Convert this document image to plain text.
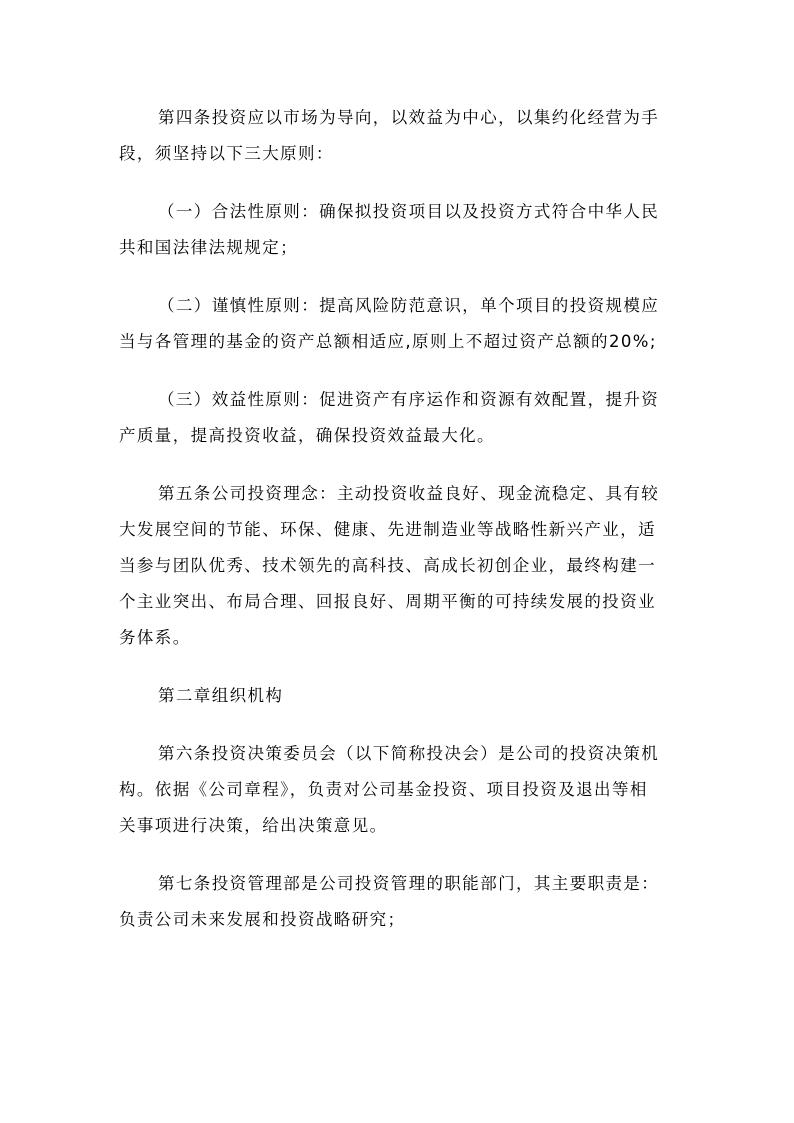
第四条投资应以市场为导向，以效益为中心，以集约化经营为手
段，须坚持以下三大原则：
（一）合法性原则：确保拟投资项目以及投资方式符合中华人民
共和国法律法规规定；
（二）谨慎性原则：提高风险防范意识，单个项目的投资规模应
当与各管理的基金的资产总额相适应,原则上不超过资产总额的20%;
（三）效益性原则：促进资产有序运作和资源有效配置，提升资
产质量，提高投资收益，确保投资效益最大化。
第五条公司投资理念：主动投资收益良好、现金流稳定、具有较
大发展空间的节能、环保、健康、先进制造业等战略性新兴产业，适
当参与团队优秀、技术领先的高科技、高成长初创企业，最终构建一
个主业突出、布局合理、回报良好、周期平衡的可持续发展的投资业
务体系。
第二章组织机构
第六条投资决策委员会（以下简称投决会）是公司的投资决策机
构。依据《公司章程》，负责对公司基金投资、项目投资及退出等相
关事项进行决策，给出决策意见。
第七条投资管理部是公司投资管理的职能部门，其主要职责是：
负责公司未来发展和投资战略研究；
